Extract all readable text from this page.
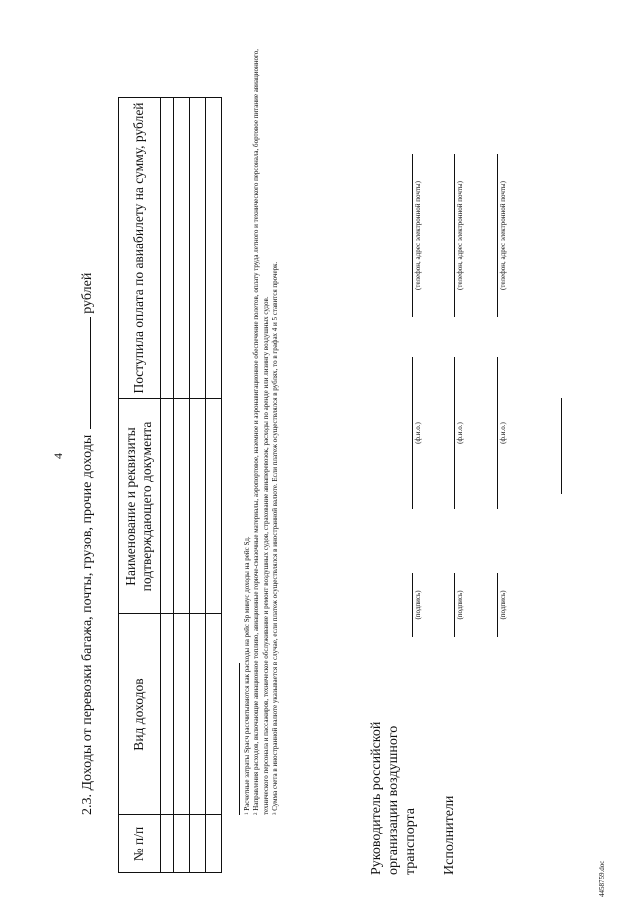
4 2.3. Доходы от перевозки багажа, почты, грузов, прочие доходырублей
№ п/п
Вид доходов
Наименование и реквизиты подтверждающего документа
Поступила оплата по авиабилету на сумму, рублей

$^1$ Расчетные затраты Spacч рассчитываются как расходы на рейс Sp минус доходы на рейс Sд.

$^2$ Направления расходов, включающие авиационное топливо, авиационные горюче-смазочные материалы, аэропортовое, наземное и аэронавигационное обеспечение полетов, оплату труда летного и технического персонала, бортовое питание авиационного, технического персонала и пассажиров, техническое обслуживание и ремонт воздушных судов, страхование авиаперевозок, расходы по аренде или лизингу воздушных судов. $^3$ Сумма счета в иностранной валюте указывается в случае, если платеж осуществлялся в иностранной валюте. Если платеж осуществлялся в рублях, то в графах 4 и 5 ставится прочерк.	Руководитель российской организации воздушного транспорта
(подпись)
(ф.и.о.)
(телефон, адрес электронной почты)
Исполнители
(подпись)
(ф.и.о.)
(телефон, адрес электронной почты)
(подпись)
(ф.и.о.)
(телефон, адрес электронной почты)
4458759.doc
